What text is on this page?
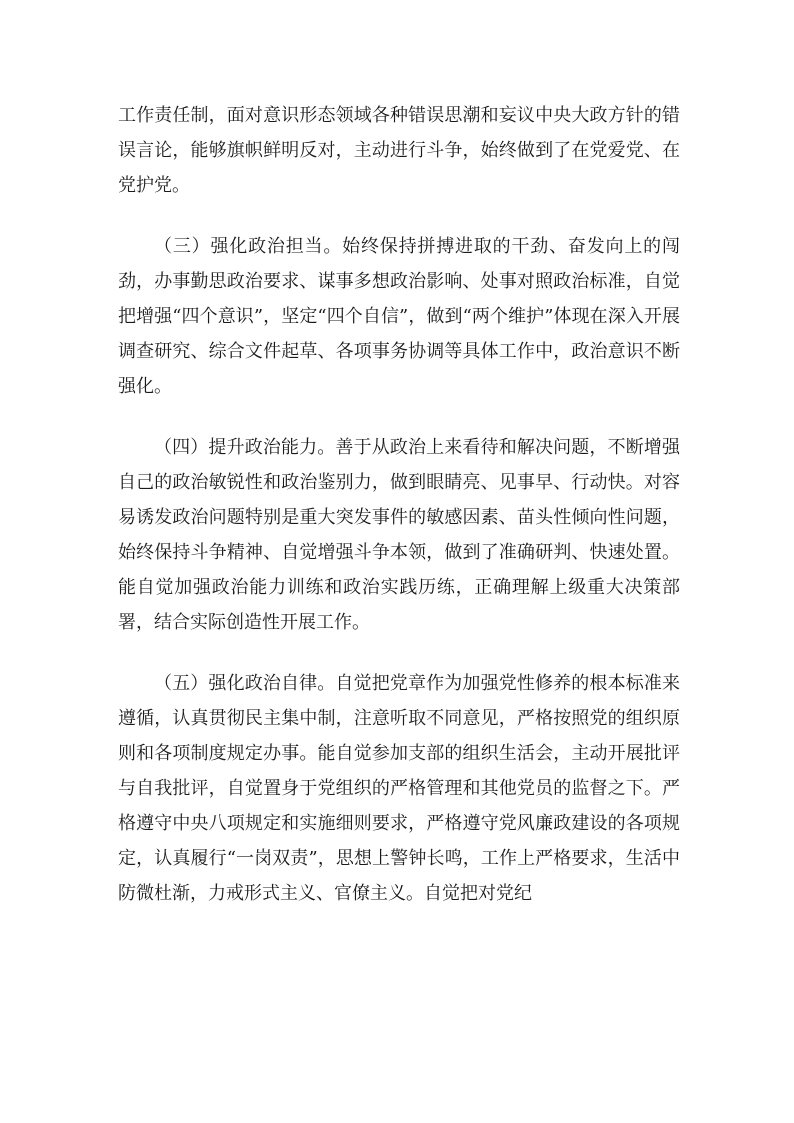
工作责任制，面对意识形态领域各种错误思潮和妄议中央大政方针的错误言论，能够旗帜鲜明反对，主动进行斗争，始终做到了在党爱党、在党护党。

（三）强化政治担当。始终保持拼搏进取的干劲、奋发向上的闯劲，办事勤思政治要求、谋事多想政治影响、处事对照政治标准，自觉把增强“四个意识”，坚定“四个自信”，做到“两个维护”体现在深入开展调查研究、综合文件起草、各项事务协调等具体工作中，政治意识不断强化。

（四）提升政治能力。善于从政治上来看待和解决问题，不断增强自己的政治敏锐性和政治鉴别力，做到眼睛亮、见事早、行动快。对容易诱发政治问题特别是重大突发事件的敏感因素、苗头性倾向性问题，始终保持斗争精神、自觉增强斗争本领，做到了准确研判、快速处置。能自觉加强政治能力训练和政治实践历练，正确理解上级重大决策部署，结合实际创造性开展工作。

（五）强化政治自律。自觉把党章作为加强党性修养的根本标准来遵循，认真贯彻民主集中制，注意听取不同意见，严格按照党的组织原则和各项制度规定办事。能自觉参加支部的组织生活会，主动开展批评与自我批评，自觉置身于党组织的严格管理和其他党员的监督之下。严格遵守中央八项规定和实施细则要求，严格遵守党风廉政建设的各项规定，认真履行“一岗双责”，思想上警钟长鸣，工作上严格要求，生活中防微杜渐，力戒形式主义、官僚主义。自觉把对党纪
